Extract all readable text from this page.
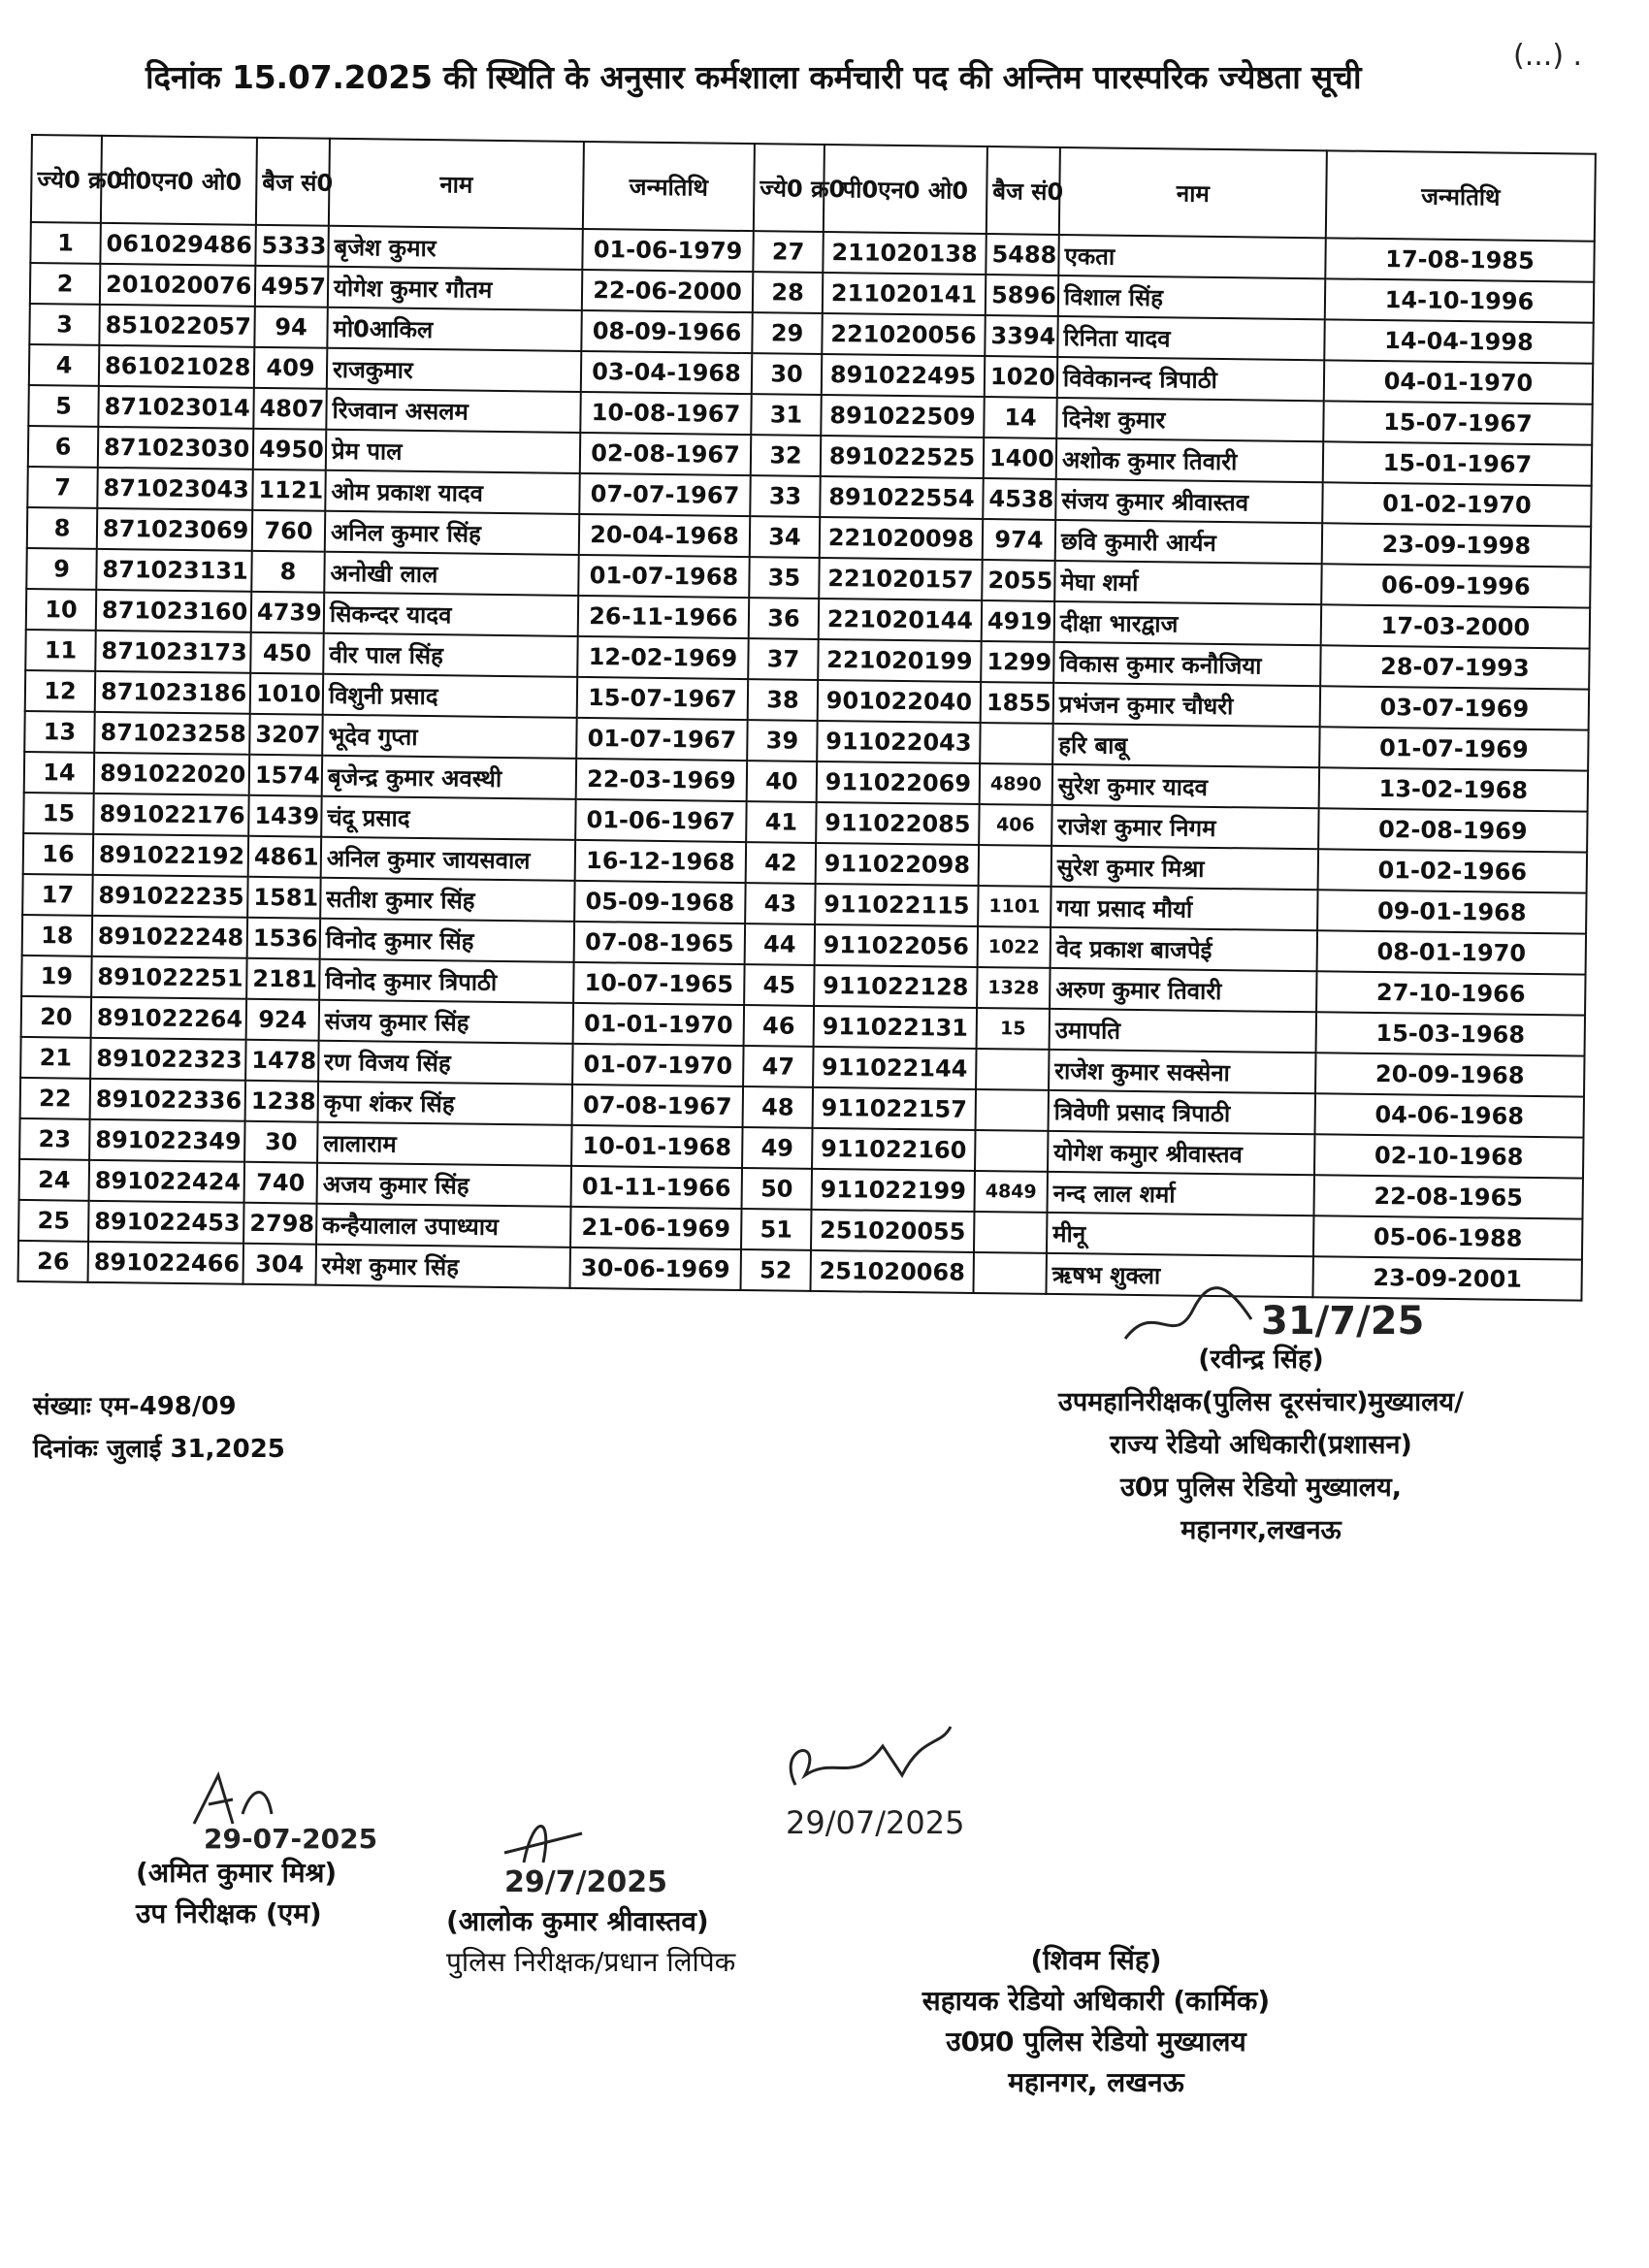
दिनांक 15.07.2025 की स्थिति के अनुसार कर्मशाला कर्मचारी पद की अन्तिम पारस्परिक ज्येष्ठता सूची
(...) .
ज्ये0 क्र0	पी0एन0 ओ0	बैज सं0	नाम	जन्मतिथि	ज्ये0 क्र0	पी0एन0 ओ0	बैज सं0	नाम	जन्मतिथि
1	061029486	5333	बृजेश कुमार	01-06-1979	27	211020138	5488	एकता	17-08-1985
2	201020076	4957	योगेश कुमार गौतम	22-06-2000	28	211020141	5896	विशाल सिंह	14-10-1996
3	851022057	94	मो0आकिल	08-09-1966	29	221020056	3394	रिनिता यादव	14-04-1998
4	861021028	409	राजकुमार	03-04-1968	30	891022495	1020	विवेकानन्द त्रिपाठी	04-01-1970
5	871023014	4807	रिजवान असलम	10-08-1967	31	891022509	14	दिनेश कुमार	15-07-1967
6	871023030	4950	प्रेम पाल	02-08-1967	32	891022525	1400	अशोक कुमार तिवारी	15-01-1967
7	871023043	1121	ओम प्रकाश यादव	07-07-1967	33	891022554	4538	संजय कुमार श्रीवास्तव	01-02-1970
8	871023069	760	अनिल कुमार सिंह	20-04-1968	34	221020098	974	छवि कुमारी आर्यन	23-09-1998
9	871023131	8	अनोखी लाल	01-07-1968	35	221020157	2055	मेघा शर्मा	06-09-1996
10	871023160	4739	सिकन्दर यादव	26-11-1966	36	221020144	4919	दीक्षा भारद्वाज	17-03-2000
11	871023173	450	वीर पाल सिंह	12-02-1969	37	221020199	1299	विकास कुमार कनौजिया	28-07-1993
12	871023186	1010	विशुनी प्रसाद	15-07-1967	38	901022040	1855	प्रभंजन कुमार चौधरी	03-07-1969
13	871023258	3207	भूदेव गुप्ता	01-07-1967	39	911022043		हरि बाबू	01-07-1969
14	891022020	1574	बृजेन्द्र कुमार अवस्थी	22-03-1969	40	911022069	4890	सुरेश कुमार यादव	13-02-1968
15	891022176	1439	चंदू प्रसाद	01-06-1967	41	911022085	406	राजेश कुमार निगम	02-08-1969
16	891022192	4861	अनिल कुमार जायसवाल	16-12-1968	42	911022098		सुरेश कुमार मिश्रा	01-02-1966
17	891022235	1581	सतीश कुमार सिंह	05-09-1968	43	911022115	1101	गया प्रसाद मौर्या	09-01-1968
18	891022248	1536	विनोद कुमार सिंह	07-08-1965	44	911022056	1022	वेद प्रकाश बाजपेई	08-01-1970
19	891022251	2181	विनोद कुमार त्रिपाठी	10-07-1965	45	911022128	1328	अरुण कुमार तिवारी	27-10-1966
20	891022264	924	संजय कुमार सिंह	01-01-1970	46	911022131	15	उमापति	15-03-1968
21	891022323	1478	रण विजय सिंह	01-07-1970	47	911022144		राजेश कुमार सक्सेना	20-09-1968
22	891022336	1238	कृपा शंकर सिंह	07-08-1967	48	911022157		त्रिवेणी प्रसाद त्रिपाठी	04-06-1968
23	891022349	30	लालाराम	10-01-1968	49	911022160		योगेश कमुार श्रीवास्तव	02-10-1968
24	891022424	740	अजय कुमार सिंह	01-11-1966	50	911022199	4849	नन्द लाल शर्मा	22-08-1965
25	891022453	2798	कन्हैयालाल उपाध्याय	21-06-1969	51	251020055		मीनू	05-06-1988
26	891022466	304	रमेश कुमार सिंह	30-06-1969	52	251020068		ऋषभ शुक्ला	23-09-2001
संख्याः एम-498/09
दिनांकः जुलाई 31,2025
31/7/25
(रवीन्द्र सिंह)
उपमहानिरीक्षक(पुलिस दूरसंचार)मुख्यालय/
राज्य रेडियो अधिकारी(प्रशासन)
उ0प्र पुलिस रेडियो मुख्यालय,
महानगर,लखनऊ
29-07-2025
(अमित कुमार मिश्र)
उप निरीक्षक (एम)
29/7/2025
(आलोक कुमार श्रीवास्तव)
पुलिस निरीक्षक/प्रधान लिपिक
29/07/2025
(शिवम सिंह)
सहायक रेडियो अधिकारी (कार्मिक)
उ0प्र0 पुलिस रेडियो मुख्यालय
महानगर, लखनऊ
